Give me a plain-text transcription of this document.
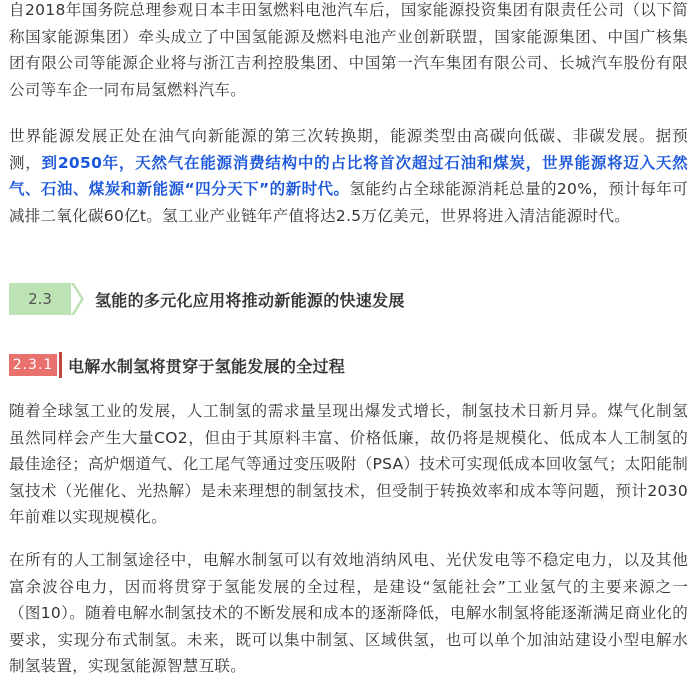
自2018年国务院总理参观日本丰田氢燃料电池汽车后，国家能源投资集团有限责任公司（以下简称国家能源集团）牵头成立了中国氢能源及燃料电池产业创新联盟，国家能源集团、中国广核集团有限公司等能源企业将与浙江吉利控股集团、中国第一汽车集团有限公司、长城汽车股份有限公司等车企一同布局氢燃料汽车。

世界能源发展正处在油气向新能源的第三次转换期，能源类型由高碳向低碳、非碳发展。据预测，到2050年，天然气在能源消费结构中的占比将首次超过石油和煤炭，世界能源将迈入天然气、石油、煤炭和新能源“四分天下”的新时代。氢能约占全球能源消耗总量的20%，预计每年可减排二氧化碳60亿t。氢工业产业链年产值将达2.5万亿美元，世界将进入清洁能源时代。

2.3	氢能的多元化应用将推动新能源的快速发展
2.3.1 电解水制氢将贯穿于氢能发展的全过程

随着全球氢工业的发展，人工制氢的需求量呈现出爆发式增长，制氢技术日新月异。煤气化制氢虽然同样会产生大量CO2，但由于其原料丰富、价格低廉，故仍将是规模化、低成本人工制氢的最佳途径；高炉烟道气、化工尾气等通过变压吸附（PSA）技术可实现低成本回收氢气；太阳能制氢技术（光催化、光热解）是未来理想的制氢技术，但受制于转换效率和成本等问题，预计2030年前难以实现规模化。

在所有的人工制氢途径中，电解水制氢可以有效地消纳风电、光伏发电等不稳定电力，以及其他富余波谷电力，因而将贯穿于氢能发展的全过程，是建设“氢能社会”工业氢气的主要来源之一（图10）。随着电解水制氢技术的不断发展和成本的逐渐降低，电解水制氢将能逐渐满足商业化的要求，实现分布式制氢。未来，既可以集中制氢、区域供氢，也可以单个加油站建设小型电解水制氢装置，实现氢能源智慧互联。
